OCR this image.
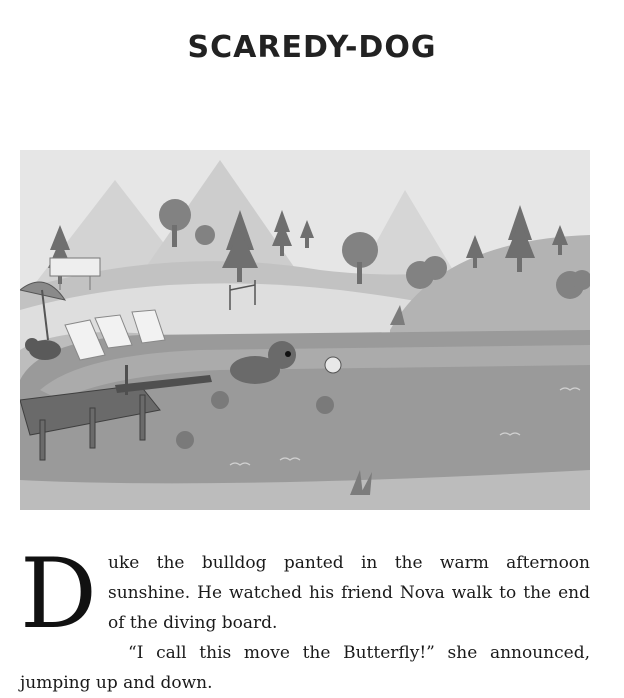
SCAREDY-DOG
D uke the bulldog panted in the warm afternoon sunshine. He watched his friend Nova walk to the end of the diving board.

“I call this move the Butterfly!” she announced, jumping up and down.
